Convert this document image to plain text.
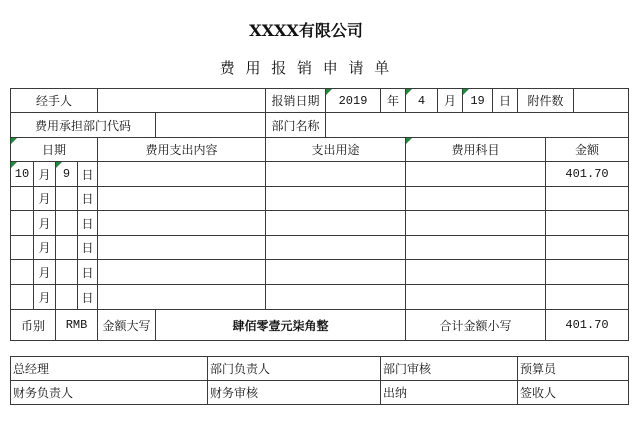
XXXX有限公司
费 用 报 销 申 请 单
经手人						报销日期	2019	年	4	月	19	日	附件数		
费用承担部门代码						部门名称									

日期				费用支出内容		支出用途			费用科目					金额	

10	月	9	日											401.70	
	月		日												
	月		日												
	月		日												
	月		日												
	月		日												
币别		RMB		金额大写	肆佰零壹元柒角整				合计金额小写					401.70	
总经理	部门负责人	部门审核	预算员
财务负责人	财务审核	出纳	签收人
